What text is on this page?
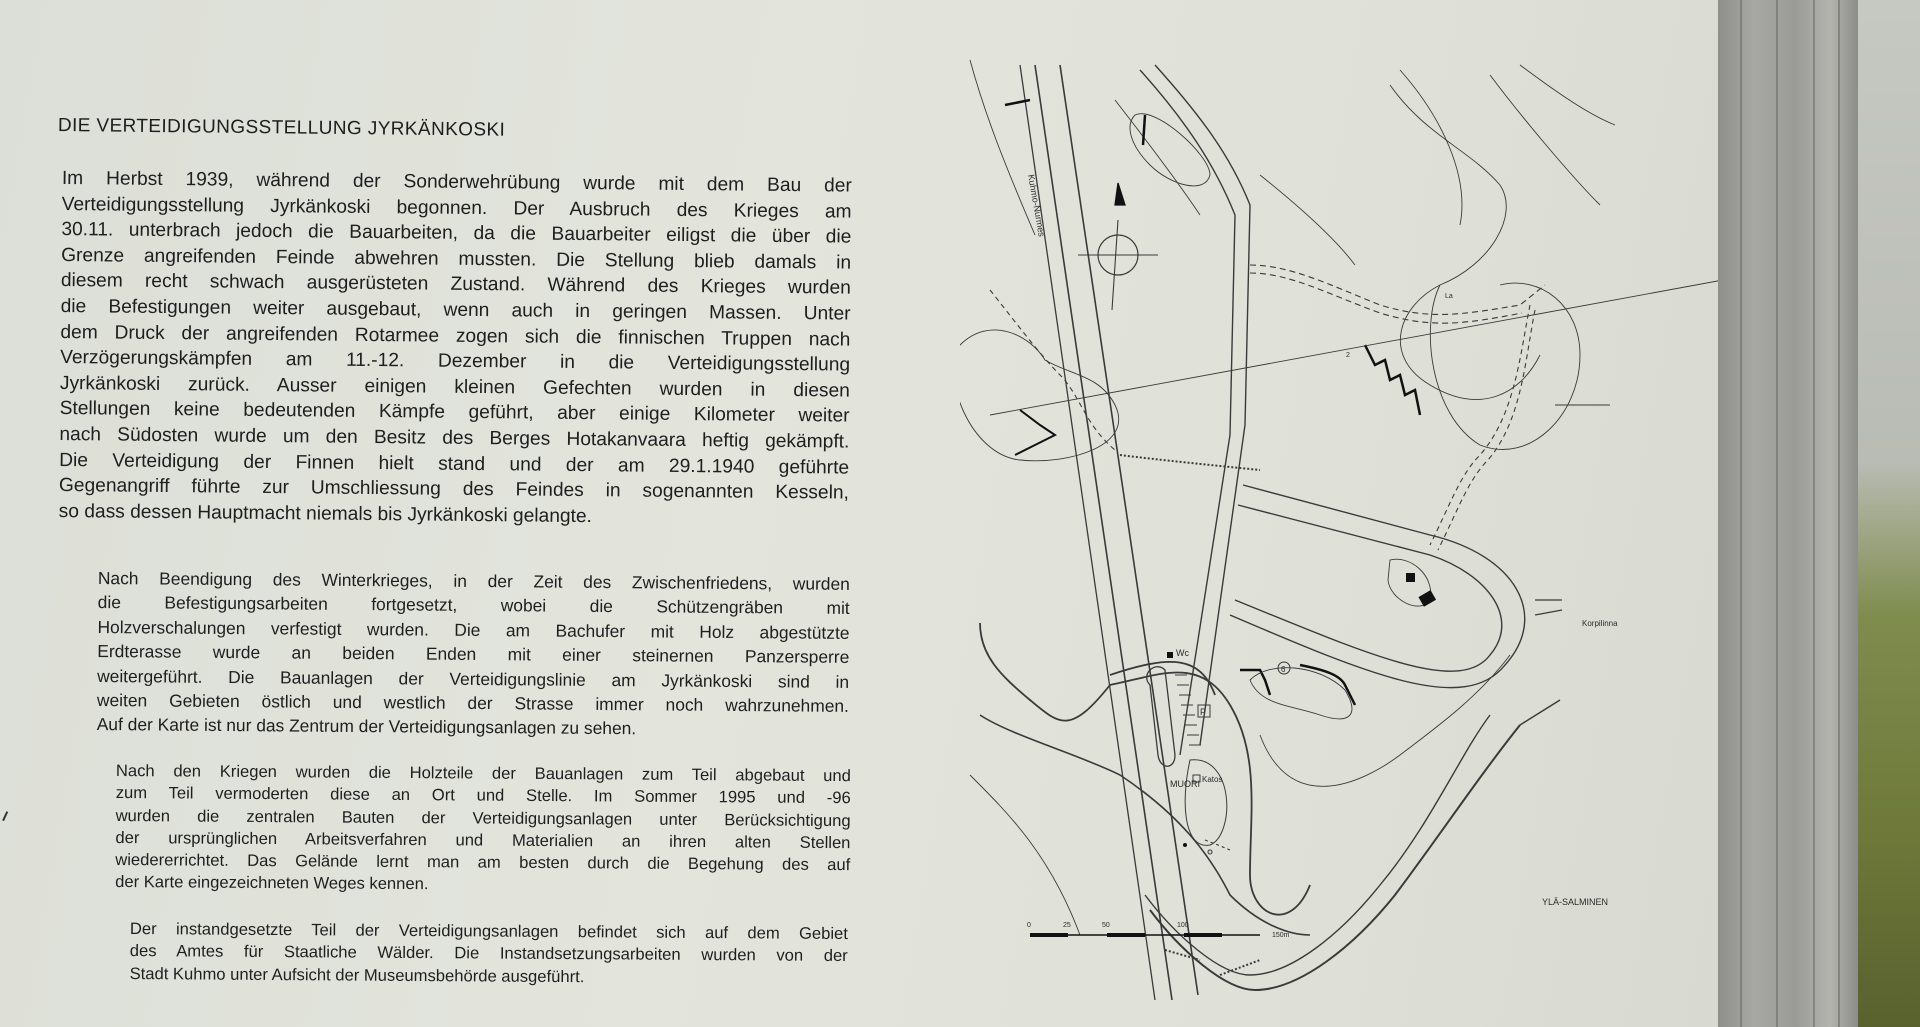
DIE VERTEIDIGUNGSSTELLUNG JYRKÄNKOSKI
Im Herbst 1939, während der Sonderwehrübung wurde mit dem Bau der
Verteidigungsstellung Jyrkänkoski begonnen. Der Ausbruch des Krieges am
30.11. unterbrach jedoch die Bauarbeiten, da die Bauarbeiter eiligst die über die
Grenze angreifenden Feinde abwehren mussten. Die Stellung blieb damals in
diesem recht schwach ausgerüsteten Zustand. Während des Krieges wurden
die Befestigungen weiter ausgebaut, wenn auch in geringen Massen. Unter
dem Druck der angreifenden Rotarmee zogen sich die finnischen Truppen nach
Verzögerungskämpfen am 11.-12. Dezember in die Verteidigungsstellung
Jyrkänkoski zurück. Ausser einigen kleinen Gefechten wurden in diesen
Stellungen keine bedeutenden Kämpfe geführt, aber einige Kilometer weiter
nach Südosten wurde um den Besitz des Berges Hotakanvaara heftig gekämpft.
Die Verteidigung der Finnen hielt stand und der am 29.1.1940 geführte
Gegenangriff führte zur Umschliessung des Feindes in sogenannten Kesseln,
so dass dessen Hauptmacht niemals bis Jyrkänkoski gelangte.
Nach Beendigung des Winterkrieges, in der Zeit des Zwischenfriedens, wurden
die Befestigungsarbeiten fortgesetzt, wobei die Schützengräben mit
Holzverschalungen verfestigt wurden. Die am Bachufer mit Holz abgestützte
Erdterasse wurde an beiden Enden mit einer steinernen Panzersperre
weitergeführt. Die Bauanlagen der Verteidigungslinie am Jyrkänkoski sind in
weiten Gebieten östlich und westlich der Strasse immer noch wahrzunehmen.
Auf der Karte ist nur das Zentrum der Verteidigungsanlagen zu sehen.
Nach den Kriegen wurden die Holzteile der Bauanlagen zum Teil abgebaut und
zum Teil vermoderten diese an Ort und Stelle. Im Sommer 1995 und -96
wurden die zentralen Bauten der Verteidigungsanlagen unter Berücksichtigung
der ursprünglichen Arbeitsverfahren und Materialien an ihren alten Stellen
wiedererrichtet. Das Gelände lernt man am besten durch die Begehung des auf
der Karte eingezeichneten Weges kennen.
Der instandgesetzte Teil der Verteidigungsanlagen befindet sich auf dem Gebiet
des Amtes für Staatliche Wälder. Die Instandsetzungsarbeiten wurden von der
Stadt Kuhmo unter Aufsicht der Museumsbehörde ausgeführt.
Kuhmo-Nurmes
MUORI
YLÄ-SALMINEN
Korpilinna
Wc
Katos
P
6
2
La
0	25	50	100
150m
